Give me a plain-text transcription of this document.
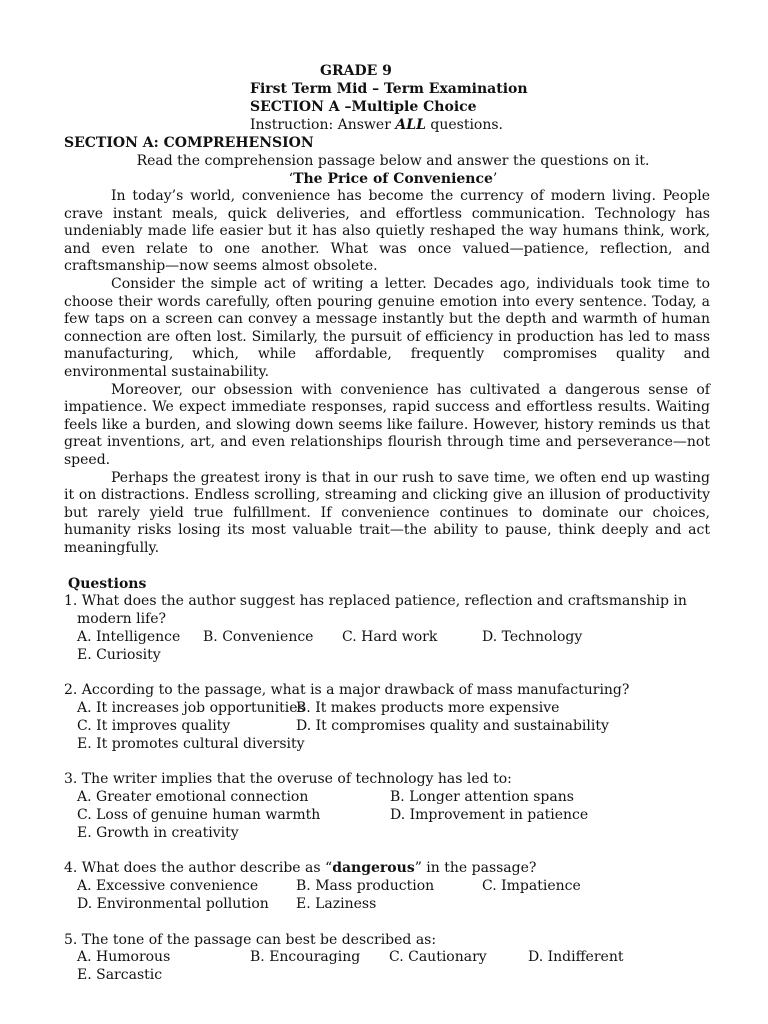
GRADE 9
First Term Mid – Term Examination
SECTION A –Multiple Choice
Instruction: Answer ALL questions.
SECTION A: COMPREHENSION
Read the comprehension passage below and answer the questions on it.
‘The Price of Convenience’

In today’s world, convenience has become the currency of modern living. People crave instant meals, quick deliveries, and effortless communication. Technology has undeniably made life easier but it has also quietly reshaped the way humans think, work, and even relate to one another. What was once valued—patience, reflection, and craftsmanship—now seems almost obsolete.

Consider the simple act of writing a letter. Decades ago, individuals took time to choose their words carefully, often pouring genuine emotion into every sentence. Today, a few taps on a screen can convey a message instantly but the depth and warmth of human connection are often lost. Similarly, the pursuit of efficiency in production has led to mass manufacturing, which, while affordable, frequently compromises quality and environmental sustainability.

Moreover, our obsession with convenience has cultivated a dangerous sense of impatience. We expect immediate responses, rapid success and effortless results. Waiting feels like a burden, and slowing down seems like failure. However, history reminds us that great inventions, art, and even relationships flourish through time and perseverance—not speed.

Perhaps the greatest irony is that in our rush to save time, we often end up wasting it on distractions. Endless scrolling, streaming and clicking give an illusion of productivity but rarely yield true fulfillment. If convenience continues to dominate our choices, humanity risks losing its most valuable trait—the ability to pause, think deeply and act meaningfully.

Questions
1. What does the author suggest has replaced patience, reflection and craftsmanship in
modern life?
A. Intelligence B. Convenience C. Hard work	D. Technology
E. Curiosity
2. According to the passage, what is a major drawback of mass manufacturing?
A. It increases job opportunities
B. It makes products more expensive
C. It improves quality	D. It compromises quality and sustainability
E. It promotes cultural diversity
3. The writer implies that the overuse of technology has led to:
A. Greater emotional connection	B. Longer attention spans
C. Loss of genuine human warmth	D. Improvement in patience
E. Growth in creativity
4. What does the author describe as “dangerous” in the passage?
A. Excessive convenience	B. Mass production	C. Impatience
D. Environmental pollution E. Laziness
5. The tone of the passage can best be described as:
A. Humorous	B. Encouraging C. Cautionary	D. Indifferent
E. Sarcastic
